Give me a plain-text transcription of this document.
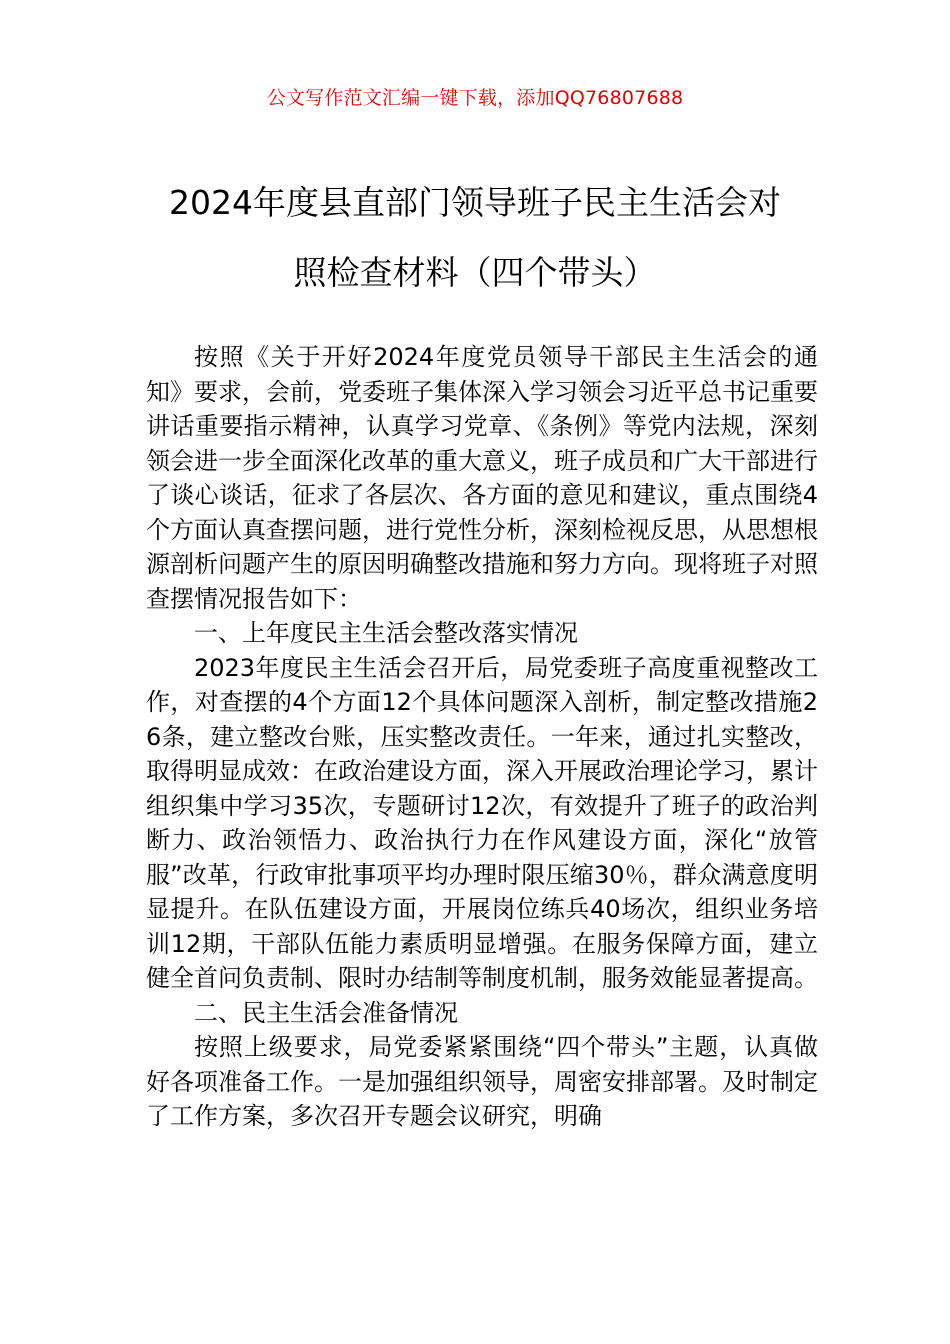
公文写作范文汇编一键下载，添加QQ76807688
2024年度县直部门领导班子民主生活会对
照检查材料（四个带头）

按照《关于开好2024年度党员领导干部民主生活会的通知》要求，会前，党委班子集体深入学习领会习近平总书记重要讲话重要指示精神，认真学习党章、《条例》等党内法规，深刻领会进一步全面深化改革的重大意义，班子成员和广大干部进行了谈心谈话，征求了各层次、各方面的意见和建议，重点围绕4个方面认真查摆问题，进行党性分析，深刻检视反思，从思想根源剖析问题产生的原因明确整改措施和努力方向。现将班子对照查摆情况报告如下：

一、上年度民主生活会整改落实情况

2023年度民主生活会召开后，局党委班子高度重视整改工作，对查摆的4个方面12个具体问题深入剖析，制定整改措施26条，建立整改台账，压实整改责任。一年来，通过扎实整改，取得明显成效：在政治建设方面，深入开展政治理论学习，累计组织集中学习35次，专题研讨12次，有效提升了班子的政治判断力、政治领悟力、政治执行力在作风建设方面，深化“放管服”改革，行政审批事项平均办理时限压缩30％，群众满意度明显提升。在队伍建设方面，开展岗位练兵40场次，组织业务培训12期，干部队伍能力素质明显增强。在服务保障方面，建立健全首问负责制、限时办结制等制度机制，服务效能显著提高。

二、民主生活会准备情况

按照上级要求，局党委紧紧围绕“四个带头”主题，认真做好各项准备工作。一是加强组织领导，周密安排部署。及时制定了工作方案，多次召开专题会议研究，明确
